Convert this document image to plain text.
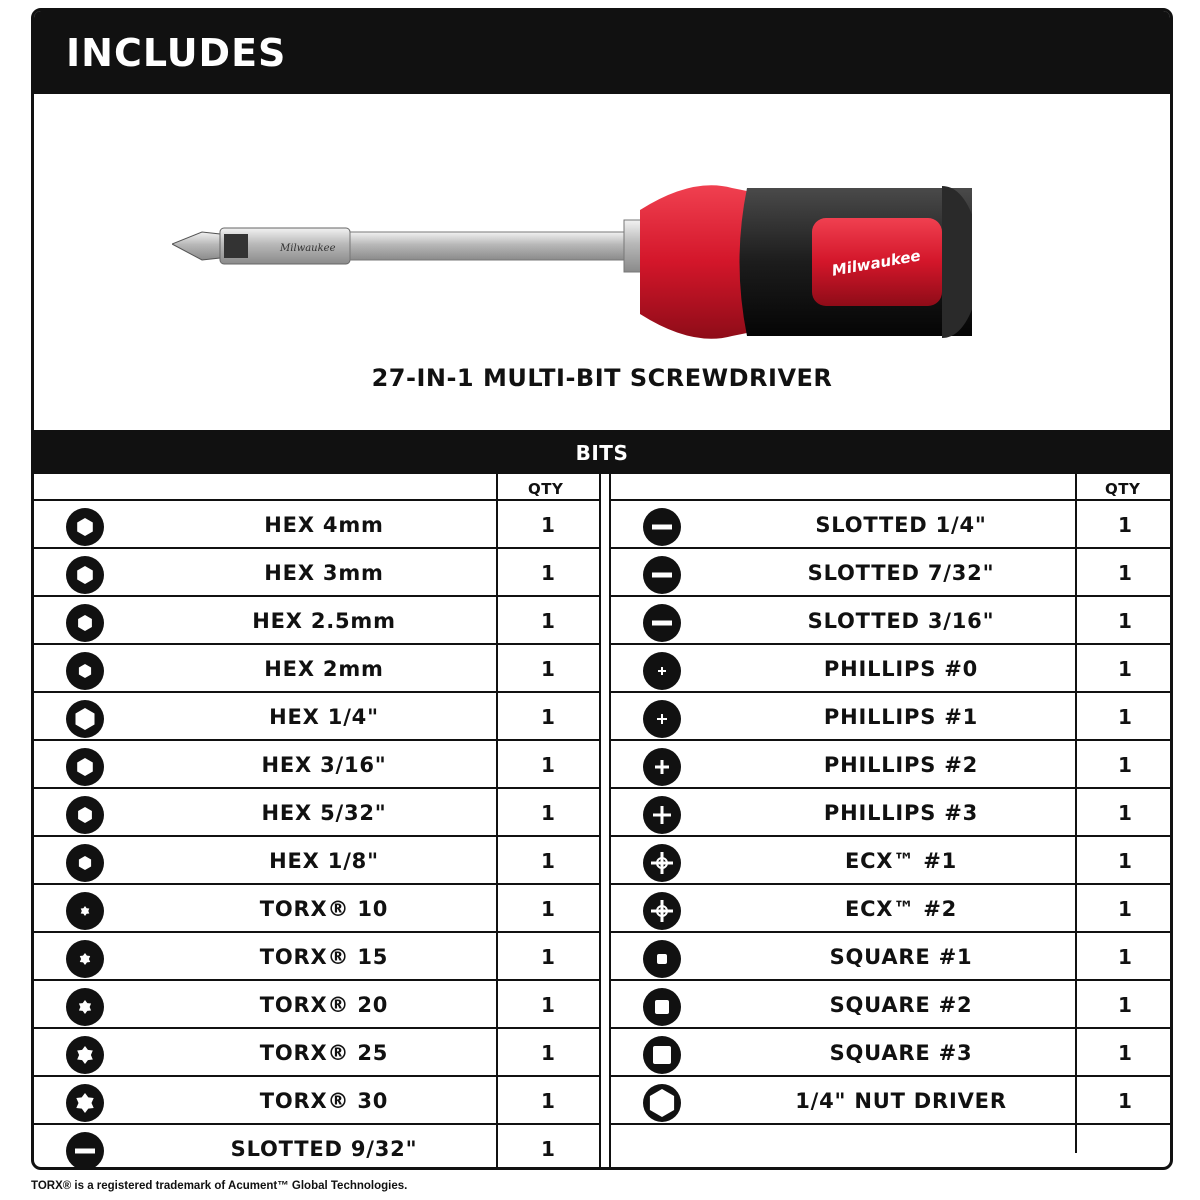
INCLUDES
Milwaukee	Milwaukee
27-IN-1 MULTI-BIT SCREWDRIVER
BITS
QTY
HEX 4mm	1
HEX 3mm	1
HEX 2.5mm	1
HEX 2mm	1
HEX 1/4"	1
HEX 3/16"	1
HEX 5/32"	1
HEX 1/8"	1
TORX® 10	1
TORX® 15	1
TORX® 20	1
TORX® 25	1
TORX® 30	1
SLOTTED 9/32"	1
QTY
SLOTTED 1/4"	1
SLOTTED 7/32"	1
SLOTTED 3/16"	1
PHILLIPS #0	1
PHILLIPS #1	1
PHILLIPS #2	1
PHILLIPS #3	1
ECX™ #1	1
ECX™ #2	1
SQUARE #1	1
SQUARE #2	1
SQUARE #3	1
1/4" NUT DRIVER	1
TORX® is a registered trademark of Acument™ Global Technologies.
